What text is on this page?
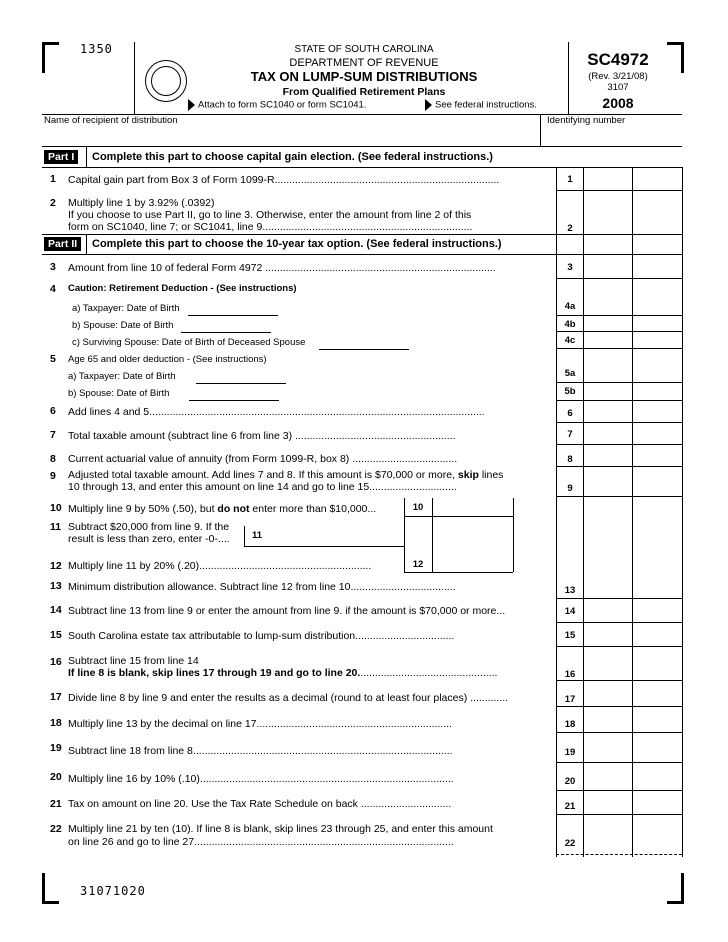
1350
31071020
STATE OF SOUTH CAROLINA
DEPARTMENT OF REVENUE
TAX ON LUMP-SUM DISTRIBUTIONS
From Qualified Retirement Plans
Attach to form SC1040 or form SC1041.	See federal instructions.
SC4972
(Rev. 3/21/08)
3107
2008
Name of recipient of distribution	Identifying number
Part I	Complete this part to choose capital gain election. (See federal instructions.)
1 Capital gain part from Box 3 of Form 1099-R.............................................................................	1
2 Multiply line 1 by 3.92% (.0392)
If you choose to use Part II, go to line 3. Otherwise, enter the amount from line 2 of this
form on SC1040, line 7; or SC1041, line 9........................................................................	2
Part II	Complete this part to choose the 10-year tax option. (See federal instructions.)
3 Amount from line 10 of federal Form 4972 ...............................................................................	3
4 Caution: Retirement Deduction - (See instructions)
a) Taxpayer: Date of Birth	4a
b) Spouse: Date of Birth	4b
c) Surviving Spouse: Date of Birth of Deceased Spouse	4c
5 Age 65 and older deduction - (See instructions)
a) Taxpayer: Date of Birth	5a
b) Spouse: Date of Birth	5b
6 Add lines 4 and 5...................................................................................................................	6
7 Total taxable amount (subtract line 6 from line 3) .......................................................	7
8 Current actuarial value of annuity (from Form 1099-R, box 8) ....................................	8
9 Adjusted total taxable amount. Add lines 7 and 8. If this amount is $70,000 or more, skip lines
10 through 13, and enter this amount on line 14 and go to line 15..............................	9
10 Multiply line 9 by 50% (.50), but do not enter more than $10,000...	10
11 Subtract $20,000 from line 9. If the
result is less than zero, enter -0-....	11
12 Multiply line 11 by 20% (.20)...........................................................	12
13 Minimum distribution allowance. Subtract line 12 from line 10....................................	13
14 Subtract line 13 from line 9 or enter the amount from line 9. if the amount is $70,000 or more...	14
15 South Carolina estate tax attributable to lump-sum distribution..................................	15
16 Subtract line 15 from line 14
If line 8 is blank, skip lines 17 through 19 and go to line 20................................................	16
17 Divide line 8 by line 9 and enter the results as a decimal (round to at least four places) .............	17
18 Multiply line 13 by the decimal on line 17...................................................................	18
19 Subtract line 18 from line 8.........................................................................................	19
20 Multiply line 16 by 10% (.10).......................................................................................	20
21 Tax on amount on line 20. Use the Tax Rate Schedule on back ...............................	21
22 Multiply line 21 by ten (10). If line 8 is blank, skip lines 23 through 25, and enter this amount
on line 26 and go to line 27.........................................................................................	22
